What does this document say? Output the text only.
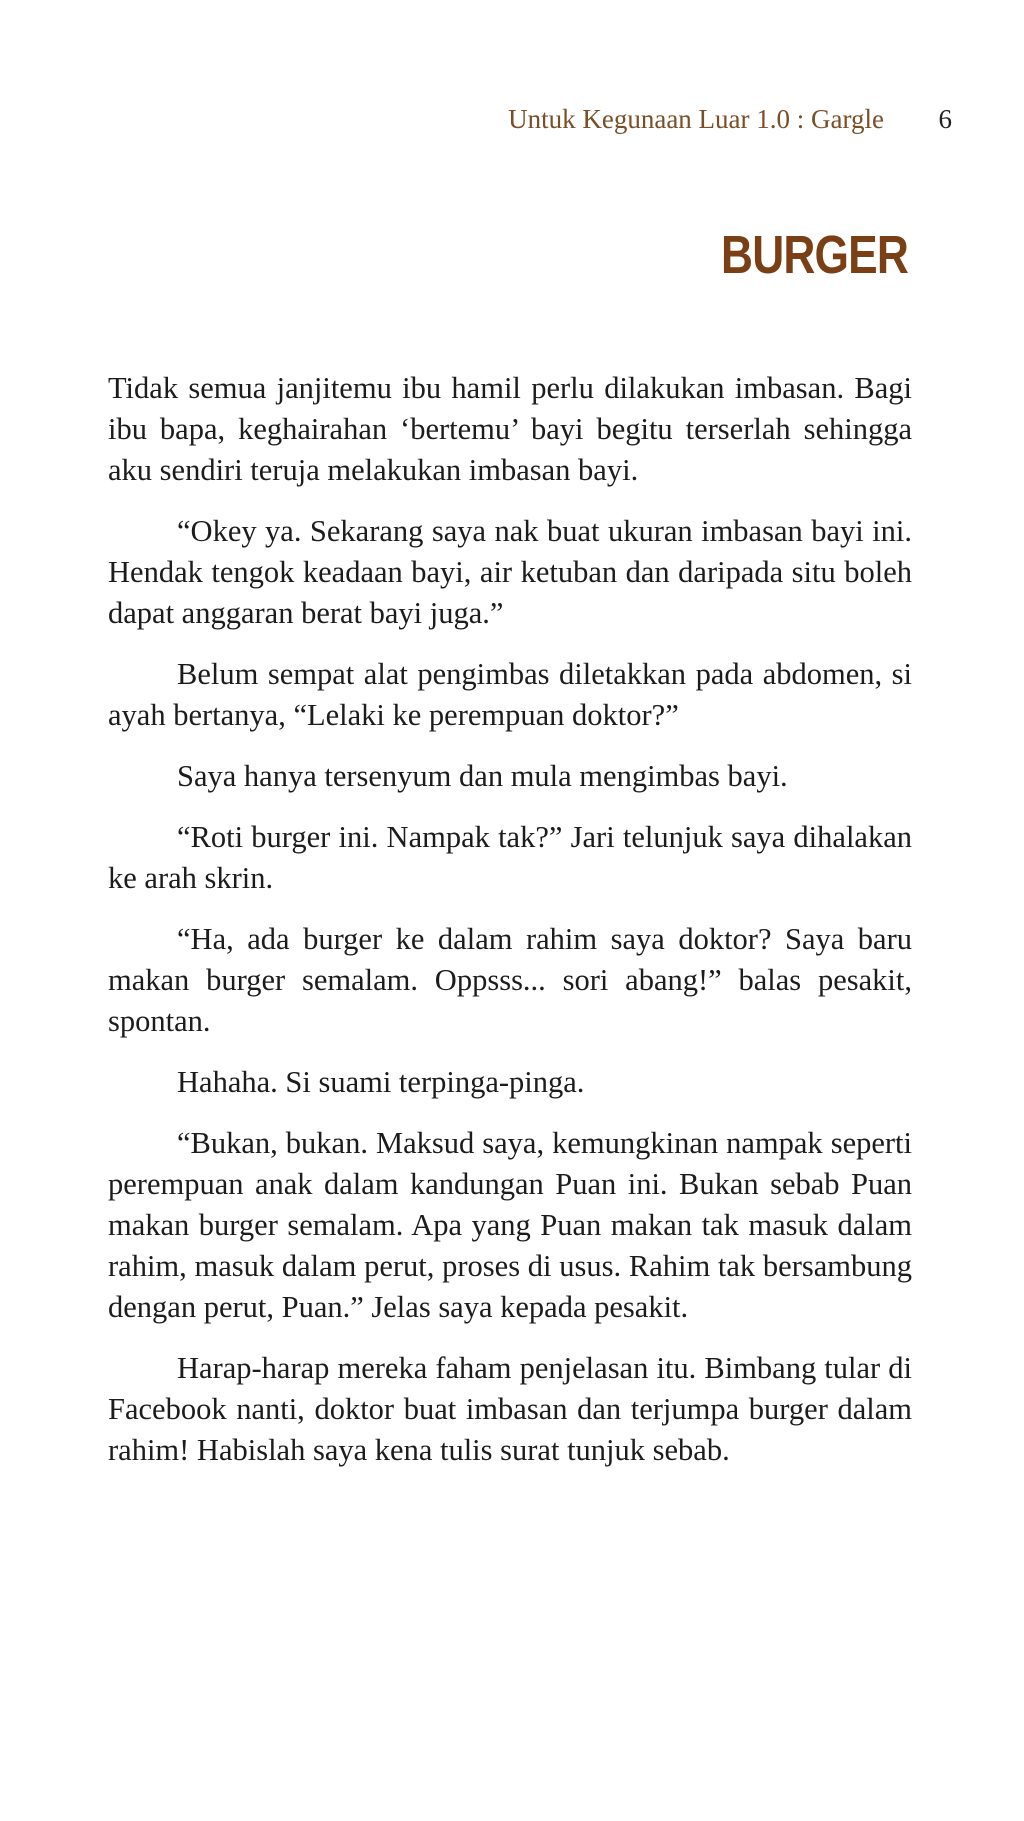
Untuk Kegunaan Luar 1.0 : Gargle 6
BURGER

Tidak semua janjitemu ibu hamil perlu dilakukan imbasan. Bagi ibu bapa, keghairahan ‘bertemu’ bayi begitu terserlah sehingga aku sendiri teruja melakukan imbasan bayi.

“Okey ya. Sekarang saya nak buat ukuran imbasan bayi ini. Hendak tengok keadaan bayi, air ketuban dan daripada situ boleh dapat anggaran berat bayi juga.”

Belum sempat alat pengimbas diletakkan pada abdomen, si ayah bertanya, “Lelaki ke perempuan doktor?”

Saya hanya tersenyum dan mula mengimbas bayi.

“Roti burger ini. Nampak tak?” Jari telunjuk saya dihalakan ke arah skrin.

“Ha, ada burger ke dalam rahim saya doktor? Saya baru makan burger semalam. Oppsss... sori abang!” balas pesakit, spontan.

Hahaha. Si suami terpinga-pinga.

“Bukan, bukan. Maksud saya, kemungkinan nampak seperti perempuan anak dalam kandungan Puan ini. Bukan sebab Puan makan burger semalam. Apa yang Puan makan tak masuk dalam rahim, masuk dalam perut, proses di usus. Rahim tak bersambung dengan perut, Puan.” Jelas saya kepada pesakit.

Harap-harap mereka faham penjelasan itu. Bimbang tular di Facebook nanti, doktor buat imbasan dan terjumpa burger dalam rahim! Habislah saya kena tulis surat tunjuk sebab.
